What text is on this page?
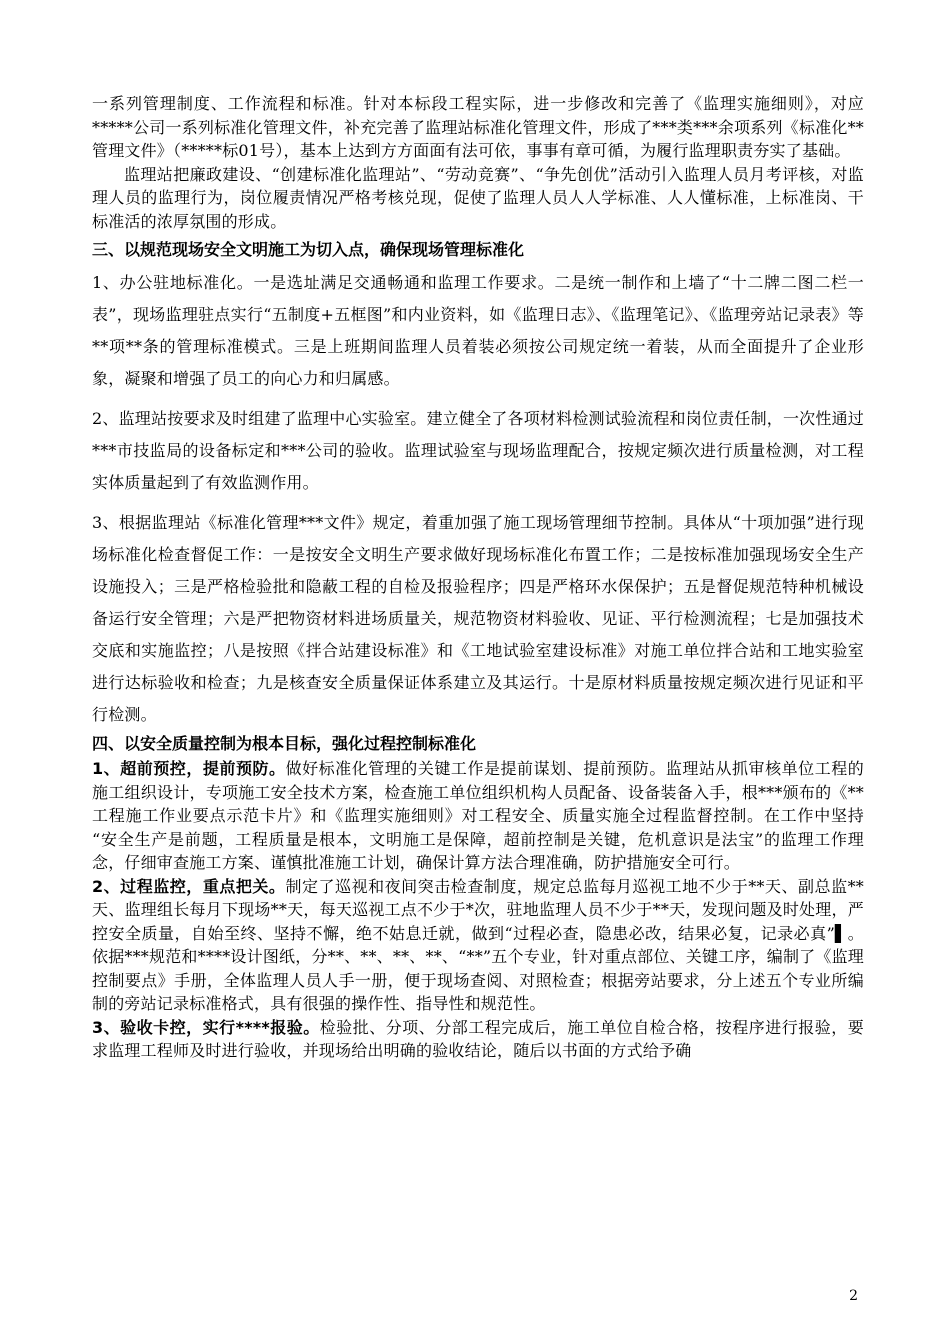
一系列管理制度、工作流程和标准。针对本标段工程实际，进一步修改和完善了《监理实施细则》，对应*****公司一系列标准化管理文件，补充完善了监理站标准化管理文件，形成了***类***余项系列《标准化**管理文件》（*****标01号），基本上达到方方面面有法可依，事事有章可循，为履行监理职责夯实了基础。

监理站把廉政建设、“创建标准化监理站”、“劳动竞赛”、“争先创优”活动引入监理人员月考评核，对监理人员的监理行为，岗位履责情况严格考核兑现，促使了监理人员人人学标准、人人懂标准，上标准岗、干标准活的浓厚氛围的形成。

三、以规范现场安全文明施工为切入点，确保现场管理标准化

1、办公驻地标准化。一是选址满足交通畅通和监理工作要求。二是统一制作和上墙了“十二牌二图二栏一表”，现场监理驻点实行“五制度+五框图”和内业资料，如《监理日志》、《监理笔记》、《监理旁站记录表》等**项**条的管理标准模式。三是上班期间监理人员着装必须按公司规定统一着装，从而全面提升了企业形象，凝聚和增强了员工的向心力和归属感。

2、监理站按要求及时组建了监理中心实验室。建立健全了各项材料检测试验流程和岗位责任制，一次性通过***市技监局的设备标定和***公司的验收。监理试验室与现场监理配合，按规定频次进行质量检测，对工程实体质量起到了有效监测作用。

3、根据监理站《标准化管理***文件》规定，着重加强了施工现场管理细节控制。具体从“十项加强”进行现场标准化检查督促工作：一是按安全文明生产要求做好现场标准化布置工作；二是按标准加强现场安全生产设施投入；三是严格检验批和隐蔽工程的自检及报验程序；四是严格环水保保护；五是督促规范特种机械设备运行安全管理；六是严把物资材料进场质量关，规范物资材料验收、见证、平行检测流程；七是加强技术交底和实施监控；八是按照《拌合站建设标准》和《工地试验室建设标准》对施工单位拌合站和工地实验室进行达标验收和检查；九是核查安全质量保证体系建立及其运行。十是原材料质量按规定频次进行见证和平行检测。

四、以安全质量控制为根本目标，强化过程控制标准化

1、超前预控，提前预防。做好标准化管理的关键工作是提前谋划、提前预防。监理站从抓审核单位工程的施工组织设计，专项施工安全技术方案，检查施工单位组织机构人员配备、设备装备入手，根***颁布的《**工程施工作业要点示范卡片》和《监理实施细则》对工程安全、质量实施全过程监督控制。在工作中坚持 “安全生产是前题，工程质量是根本，文明施工是保障，超前控制是关键，危机意识是法宝”的监理工作理念，仔细审查施工方案、谨慎批准施工计划，确保计算方法合理准确，防护措施安全可行。

2、过程监控，重点把关。制定了巡视和夜间突击检查制度，规定总监每月巡视工地不少于**天、副总监**天、监理组长每月下现场**天，每天巡视工点不少于*次，驻地监理人员不少于**天，发现问题及时处理，严控安全质量，自始至终、坚持不懈，绝不姑息迁就，做到“过程必查，隐患必改，结果必复，记录必真”▌。依据***规范和****设计图纸，分**、**、**、**、“**”五个专业，针对重点部位、关键工序，编制了《监理控制要点》手册，全体监理人员人手一册，便于现场查阅、对照检查；根据旁站要求，分上述五个专业所编制的旁站记录标准格式，具有很强的操作性、指导性和规范性。

3、验收卡控，实行****报验。检验批、分项、分部工程完成后，施工单位自检合格，按程序进行报验，要求监理工程师及时进行验收，并现场给出明确的验收结论，随后以书面的方式给予确

2
